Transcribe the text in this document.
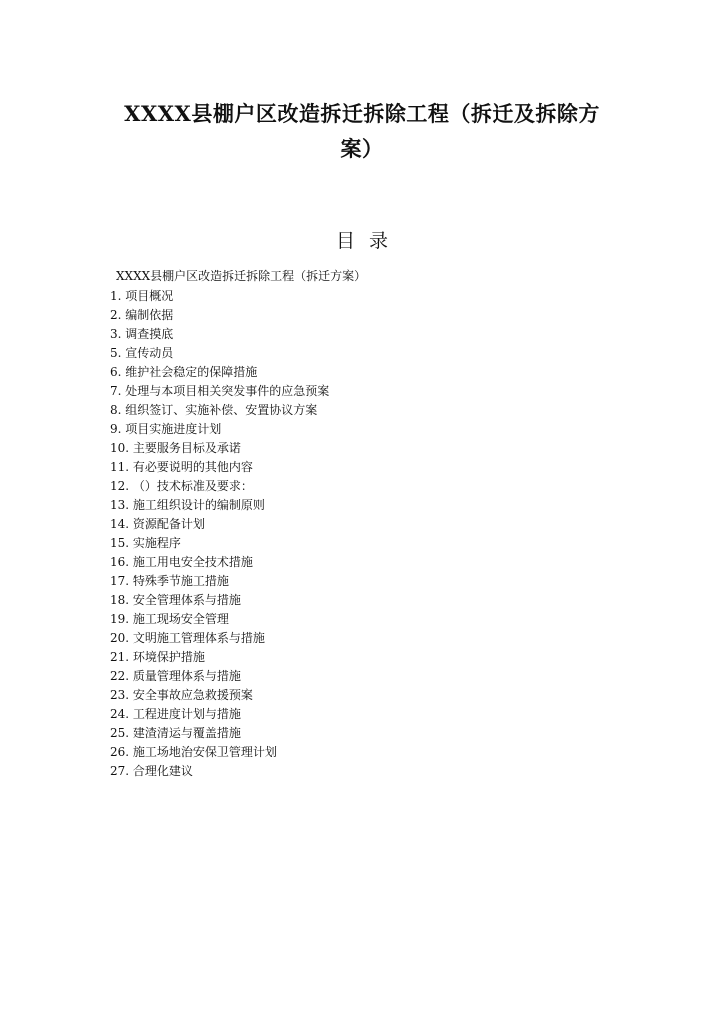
XXXX县棚户区改造拆迁拆除工程（拆迁及拆除方
案）
目录
XXXX县棚户区改造拆迁拆除工程（拆迁方案）
1. 项目概况
2. 编制依据
3. 调查摸底
5. 宣传动员
6. 维护社会稳定的保障措施
7. 处理与本项目相关突发事件的应急预案
8. 组织签订、实施补偿、安置协议方案
9. 项目实施进度计划
10. 主要服务目标及承诺
11. 有必要说明的其他内容
12. （）技术标准及要求：
13. 施工组织设计的编制原则
14. 资源配备计划
15. 实施程序
16. 施工用电安全技术措施
17. 特殊季节施工措施
18. 安全管理体系与措施
19. 施工现场安全管理
20. 文明施工管理体系与措施
21. 环境保护措施
22. 质量管理体系与措施
23. 安全事故应急救援预案
24. 工程进度计划与措施
25. 建渣清运与覆盖措施
26. 施工场地治安保卫管理计划
27. 合理化建议
